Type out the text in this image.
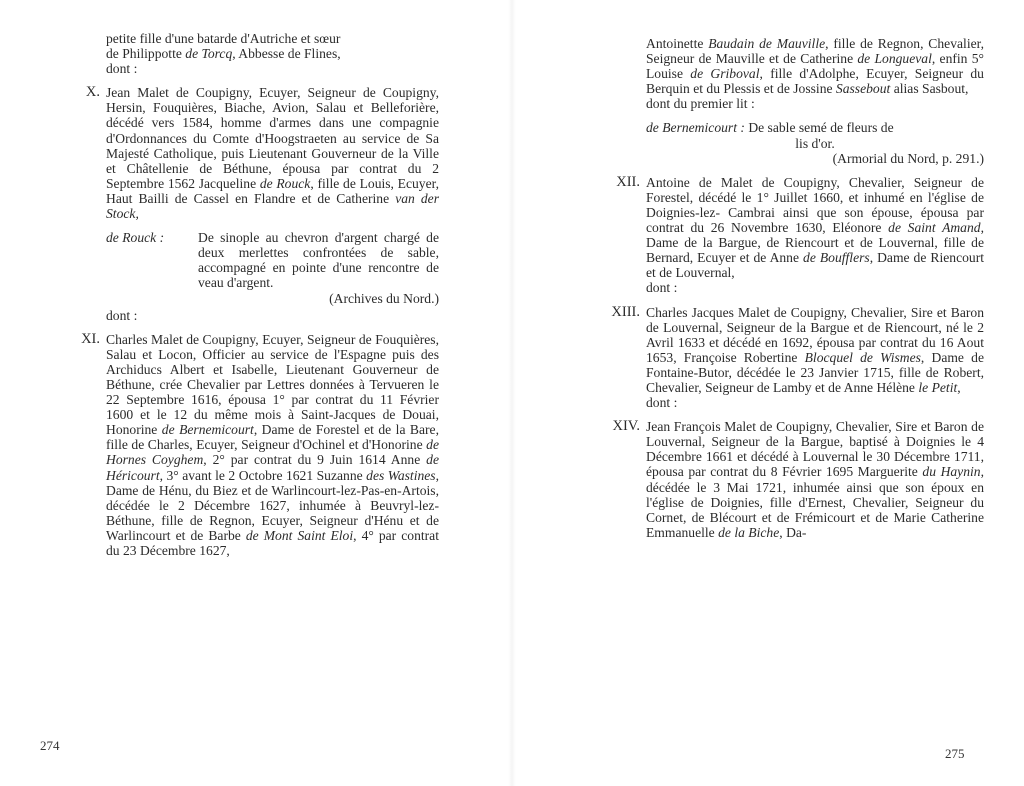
petite fille d'une batarde d'Autriche et sœur

de Philippotte de Torcq, Abbesse de Flines,

dont :

X. Jean Malet de Coupigny, Ecuyer, Seigneur de Coupigny, Hersin, Fouquières, Biache, Avion, Salau et Belleforière, décédé vers 1584, homme d'armes dans une compagnie d'Ordonnances du Comte d'Hoogstraeten au service de Sa Majesté Catholique, puis Lieutenant Gouverneur de la Ville et Châtellenie de Béthune, épousa par contrat du 2 Septembre 1562 Jacqueline de Rouck, fille de Louis, Ecuyer, Haut Bailli de Cassel en Flandre et de Catherine van der Stock,

de Rouck :	De sinople au chevron d'argent chargé de deux merlettes confrontées de sable, accompagné en pointe d'une rencontre de veau d'argent.

(Archives du Nord.)

dont :

XI. Charles Malet de Coupigny, Ecuyer, Seigneur de Fouquières, Salau et Locon, Officier au service de l'Espagne puis des Archiducs Albert et Isabelle, Lieutenant Gouverneur de Béthune, crée Chevalier par Lettres données à Tervueren le 22 Septembre 1616, épousa 1° par contrat du 11 Février 1600 et le 12 du même mois à Saint-Jacques de Douai, Honorine de Bernemicourt, Dame de Forestel et de la Bare, fille de Charles, Ecuyer, Seigneur d'Ochinel et d'Honorine de Hornes Coyghem, 2° par contrat du 9 Juin 1614 Anne de Héricourt, 3° avant le 2 Octobre 1621 Suzanne des Wastines, Dame de Hénu, du Biez et de Warlincourt-lez-Pas-en-Artois, décédée le 2 Décembre 1627, inhumée à Beuvryl-lez-Béthune, fille de Regnon, Ecuyer, Seigneur d'Hénu et de Warlincourt et de Barbe de Mont Saint Eloi, 4° par contrat du 23 Décembre 1627,

274

Antoinette Baudain de Mauville, fille de Regnon, Chevalier, Seigneur de Mauville et de Catherine de Longueval, enfin 5° Louise de Griboval, fille d'Adolphe, Ecuyer, Seigneur du Berquin et du Plessis et de Jossine Sassebout alias Sasbout,

dont du premier lit :

de Bernemicourt : De sable semé de fleurs de

lis d'or.

(Armorial du Nord, p. 291.)

XII. Antoine de Malet de Coupigny, Chevalier, Seigneur de Forestel, décédé le 1° Juillet 1660, et inhumé en l'église de Doignies-lez- Cambrai ainsi que son épouse, épousa par contrat du 26 Novembre 1630, Eléonore de Saint Amand, Dame de la Bargue, de Riencourt et de Louvernal, fille de Bernard, Ecuyer et de Anne de Boufflers, Dame de Riencourt et de Louvernal,

dont :

XIII. Charles Jacques Malet de Coupigny, Chevalier, Sire et Baron de Louvernal, Seigneur de la Bargue et de Riencourt, né le 2 Avril 1633 et décédé en 1692, épousa par contrat du 16 Aout 1653, Françoise Robertine Blocquel de Wismes, Dame de Fontaine-Butor, décédée le 23 Janvier 1715, fille de Robert, Chevalier, Seigneur de Lamby et de Anne Hélène le Petit,

dont :

XIV. Jean François Malet de Coupigny, Chevalier, Sire et Baron de Louvernal, Seigneur de la Bargue, baptisé à Doignies le 4 Décembre 1661 et décédé à Louvernal le 30 Décembre 1711, épousa par contrat du 8 Février 1695 Marguerite du Haynin, décédée le 3 Mai 1721, inhumée ainsi que son époux en l'église de Doignies, fille d'Ernest, Chevalier, Seigneur du Cornet, de Blécourt et de Frémicourt et de Marie Catherine Emmanuelle de la Biche, Da-

275
